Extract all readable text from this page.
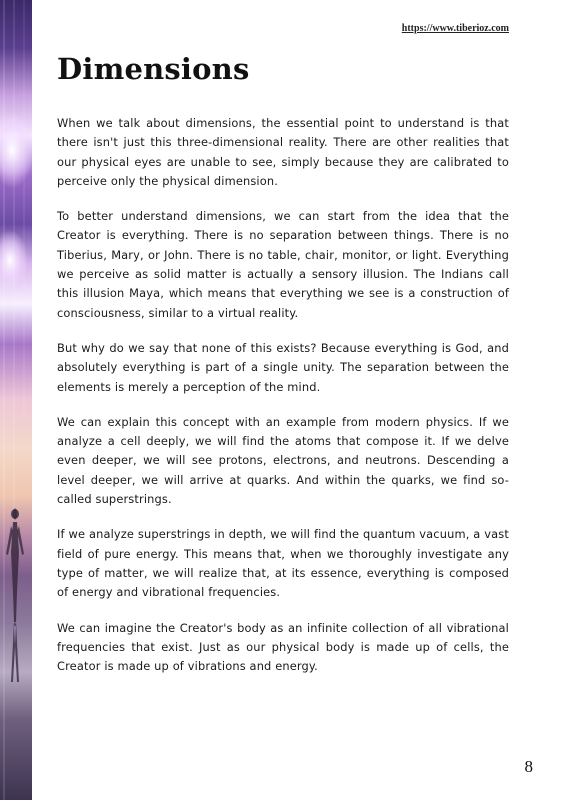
https://www.tiberioz.com
Dimensions

When we talk about dimensions, the essential point to understand is that there isn't just this three-dimensional reality. There are other realities that our physical eyes are unable to see, simply because they are calibrated to perceive only the physical dimension.

To better understand dimensions, we can start from the idea that the Creator is everything. There is no separation between things. There is no Tiberius, Mary, or John. There is no table, chair, monitor, or light. Everything we perceive as solid matter is actually a sensory illusion. The Indians call this illusion Maya, which means that everything we see is a construction of consciousness, similar to a virtual reality.

But why do we say that none of this exists? Because everything is God, and absolutely everything is part of a single unity. The separation between the elements is merely a perception of the mind.

We can explain this concept with an example from modern physics. If we analyze a cell deeply, we will find the atoms that compose it. If we delve even deeper, we will see protons, electrons, and neutrons. Descending a level deeper, we will arrive at quarks. And within the quarks, we find so-called superstrings.

If we analyze superstrings in depth, we will find the quantum vacuum, a vast field of pure energy. This means that, when we thoroughly investigate any type of matter, we will realize that, at its essence, everything is composed of energy and vibrational frequencies.

We can imagine the Creator's body as an infinite collection of all vibrational frequencies that exist. Just as our physical body is made up of cells, the Creator is made up of vibrations and energy.

8
